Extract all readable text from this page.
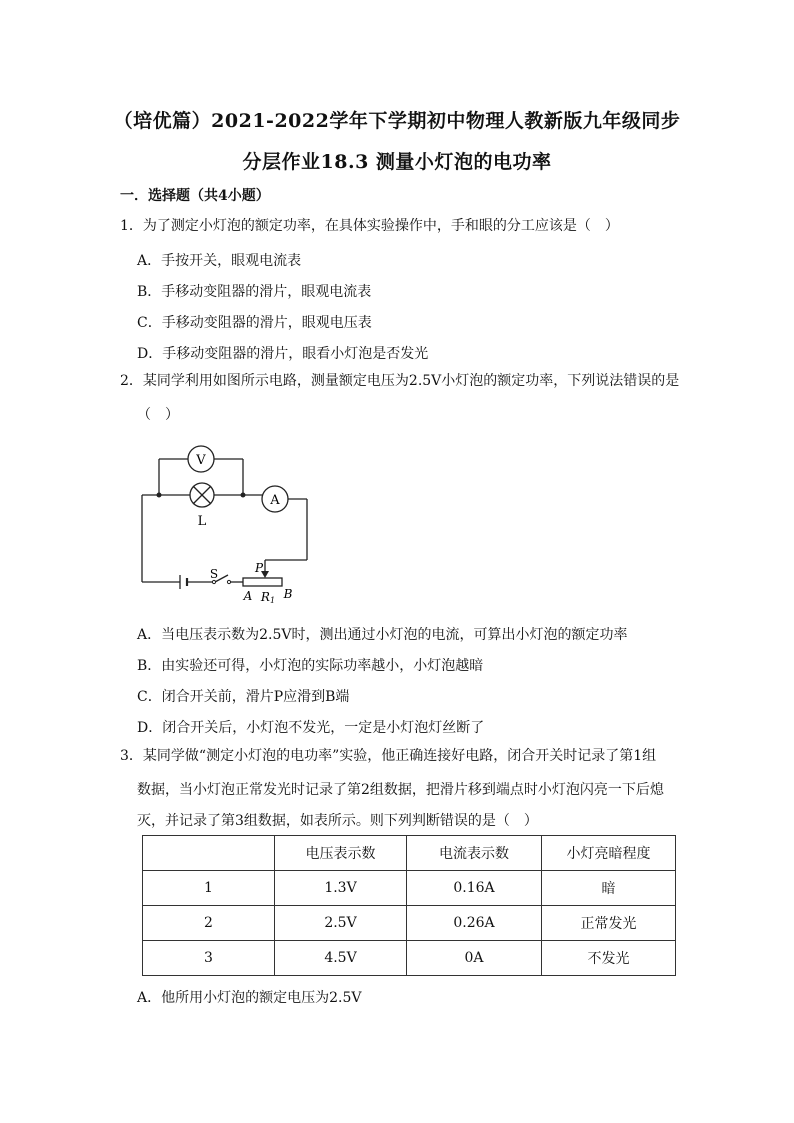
（培优篇）2021-2022学年下学期初中物理人教新版九年级同步
分层作业18.3 测量小灯泡的电功率
一．选择题（共4小题）
1．为了测定小灯泡的额定功率，在具体实验操作中，手和眼的分工应该是（　）
A．手按开关，眼观电流表
B．手移动变阻器的滑片，眼观电流表
C．手移动变阻器的滑片，眼观电压表
D．手移动变阻器的滑片，眼看小灯泡是否发光
2．某同学利用如图所示电路，测量额定电压为2.5V小灯泡的额定功率，下列说法错误的是
（　）
V
A
L
S	P
A R1 B
A．当电压表示数为2.5V时，测出通过小灯泡的电流，可算出小灯泡的额定功率
B．由实验还可得，小灯泡的实际功率越小，小灯泡越暗
C．闭合开关前，滑片P应滑到B端
D．闭合开关后，小灯泡不发光，一定是小灯泡灯丝断了
3．某同学做“测定小灯泡的电功率”实验，他正确连接好电路，闭合开关时记录了第1组
数据，当小灯泡正常发光时记录了第2组数据，把滑片移到端点时小灯泡闪亮一下后熄
灭，并记录了第3组数据，如表所示。则下列判断错误的是（　）
	电压表示数	电流表示数	小灯亮暗程度
1	1.3V	0.16A	暗
2	2.5V	0.26A	正常发光
3	4.5V	0A	不发光
A．他所用小灯泡的额定电压为2.5V
